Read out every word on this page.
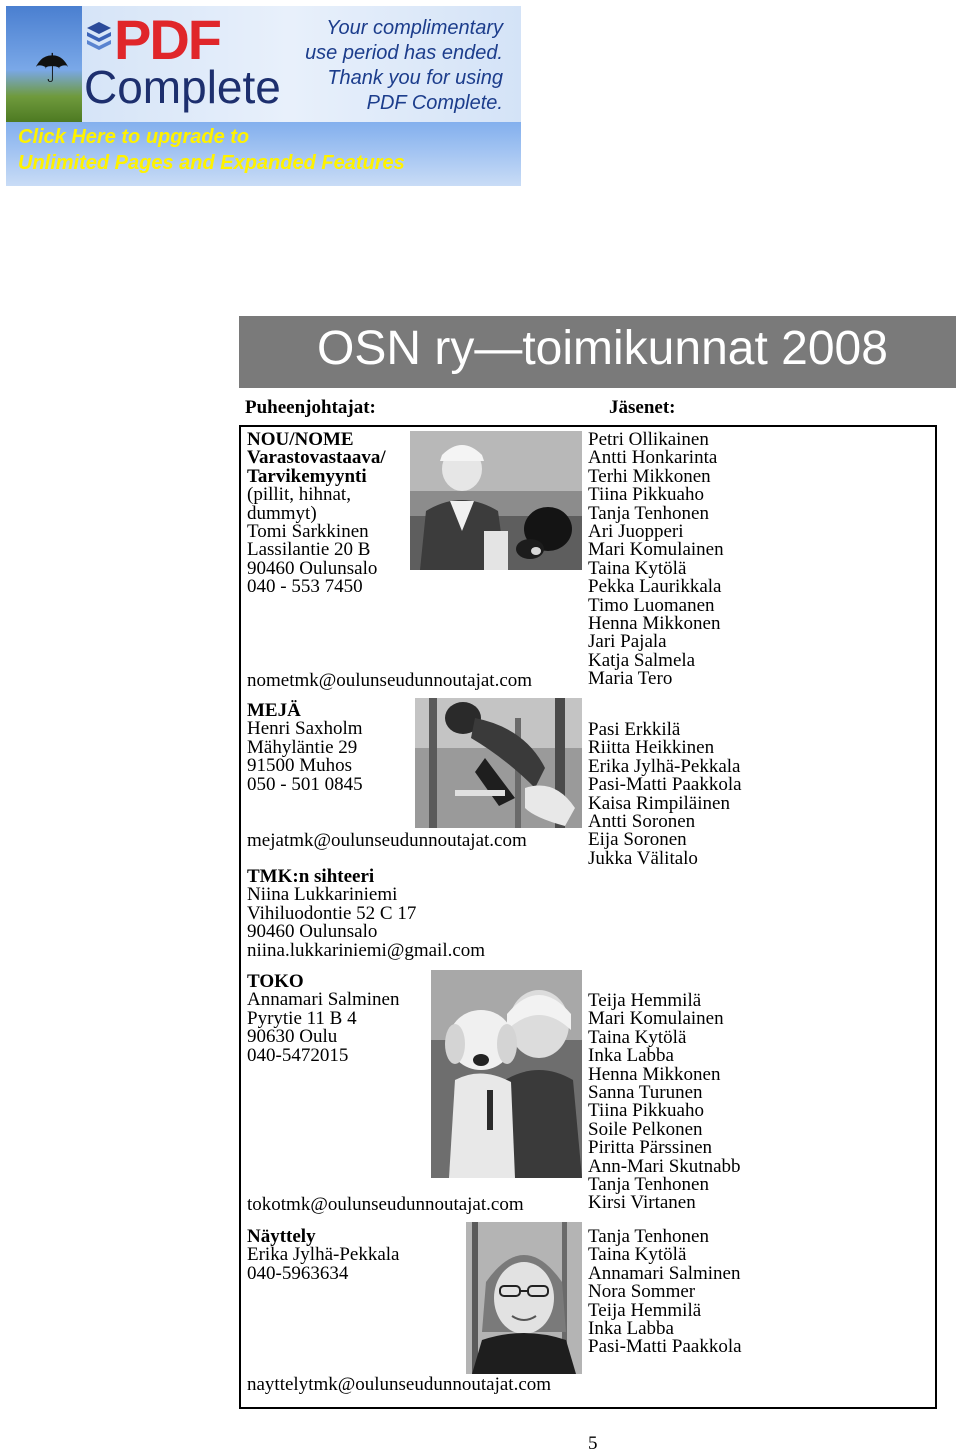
☂ PDF
Complete
Your complimentary
use period has ended.
Thank you for using
PDF Complete.
Click Here to upgrade to
Unlimited Pages and Expanded Features
OSN ry—toimikunnat 2008
Puheenjohtajat:	Jäsenet:
NOU/NOME
Varastovastaava/
Tarvikemyynti
(pillit, hihnat,
dummyt)
Tomi Sarkkinen
Lassilantie 20 B
90460 Oulunsalo
040 - 553 7450
nometmk@oulunseudunnoutajat.com
Petri Ollikainen
Antti Honkarinta
Terhi Mikkonen
Tiina Pikkuaho
Tanja Tenhonen
Ari Juopperi
Mari Komulainen
Taina Kytölä
Pekka Laurikkala
Timo Luomanen
Henna Mikkonen
Jari Pajala
Katja Salmela
Maria Tero
MEJÄ
Henri Saxholm
Mähyläntie 29
91500 Muhos
050 - 501 0845
mejatmk@oulunseudunnoutajat.com
Pasi Erkkilä
Riitta Heikkinen
Erika Jylhä-Pekkala
Pasi-Matti Paakkola
Kaisa Rimpiläinen
Antti Soronen
Eija Soronen
Jukka Välitalo
TMK:n sihteeri
Niina Lukkariniemi
Vihiluodontie 52 C 17
90460 Oulunsalo
niina.lukkariniemi@gmail.com
TOKO
Annamari Salminen
Pyrytie 11 B 4
90630 Oulu
040-5472015
tokotmk@oulunseudunnoutajat.com
Teija Hemmilä
Mari Komulainen
Taina Kytölä
Inka Labba
Henna Mikkonen
Sanna Turunen
Tiina Pikkuaho
Soile Pelkonen
Piritta Pärssinen
Ann-Mari Skutnabb
Tanja Tenhonen
Kirsi Virtanen
Näyttely
Erika Jylhä-Pekkala
040-5963634
nayttelytmk@oulunseudunnoutajat.com
Tanja Tenhonen
Taina Kytölä
Annamari Salminen
Nora Sommer
Teija Hemmilä
Inka Labba
Pasi-Matti Paakkola
5
